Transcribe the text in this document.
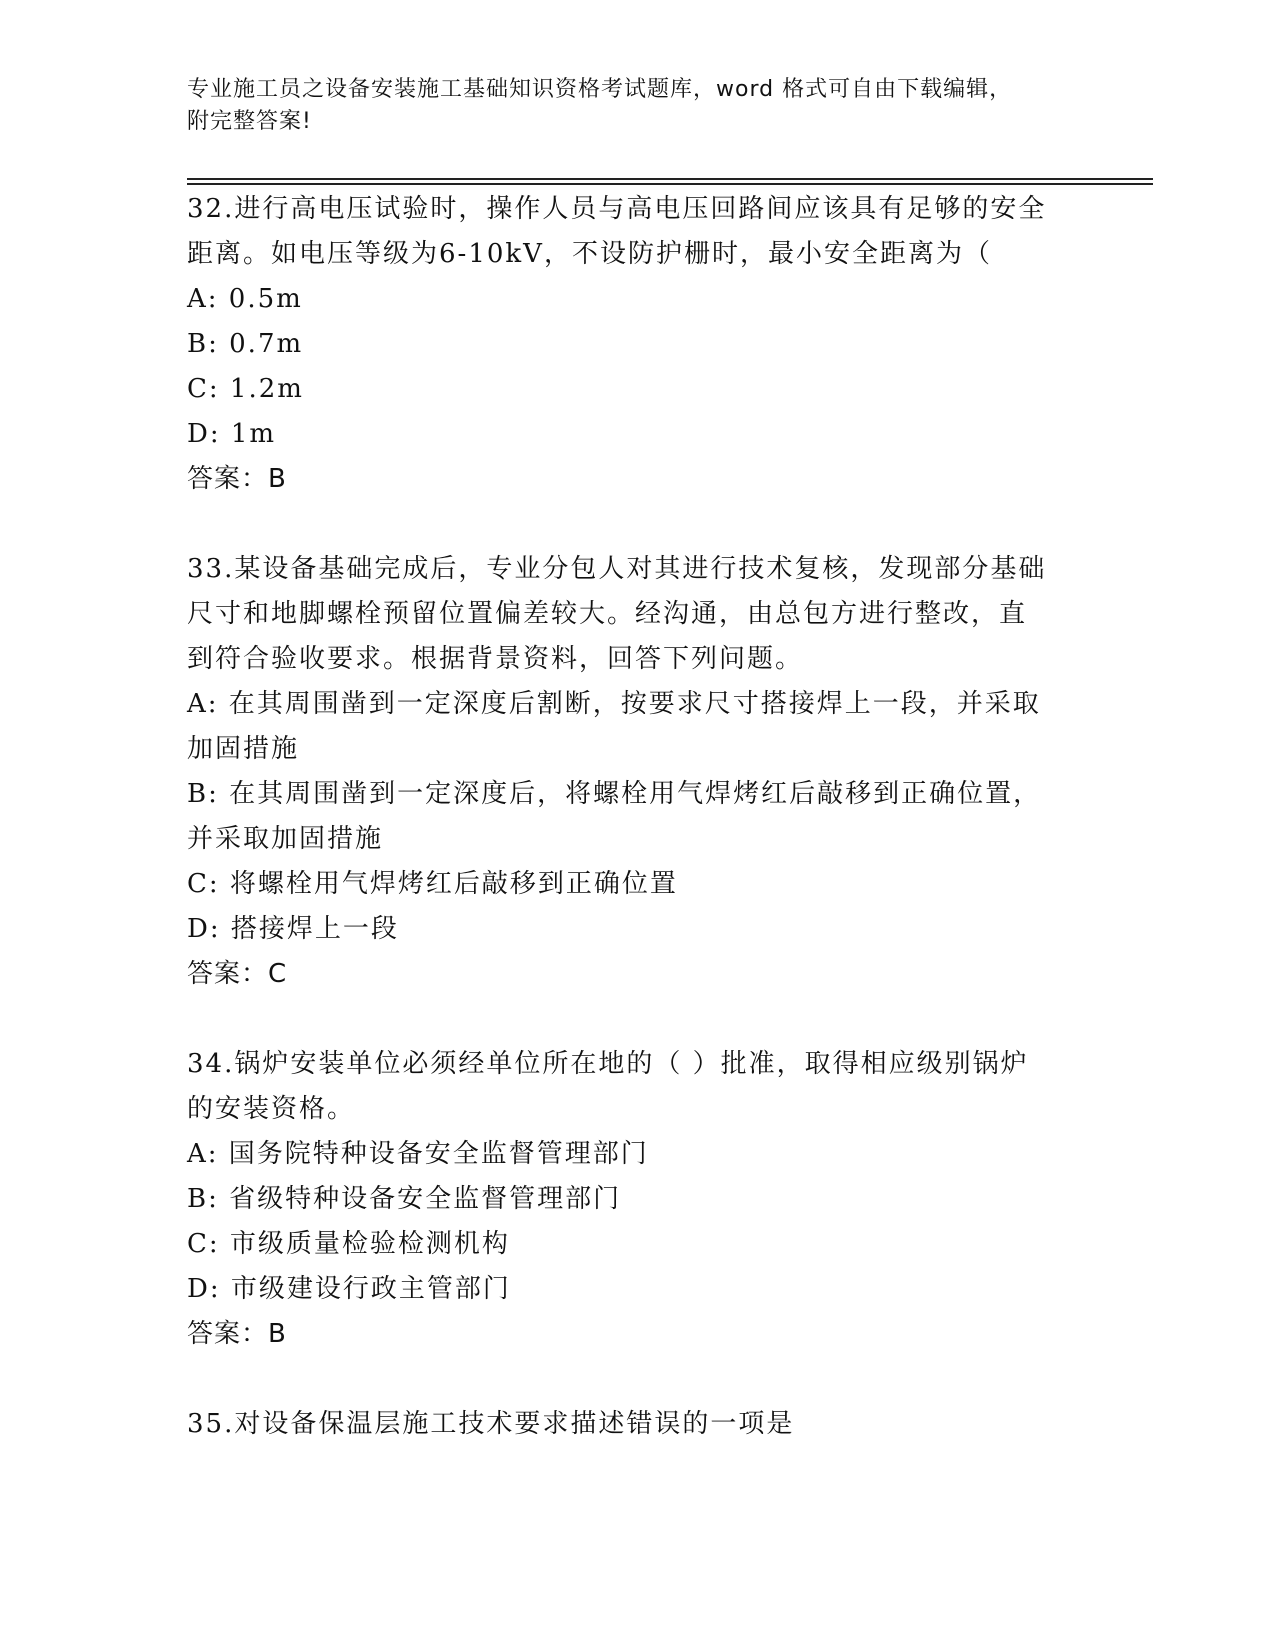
专业施工员之设备安装施工基础知识资格考试题库，word 格式可自由下载编辑，
附完整答案!
32.进行高电压试验时，操作人员与高电压回路间应该具有足够的安全
距离。如电压等级为6-10kV，不设防护栅时，最小安全距离为（
A: 0.5m
B: 0.7m
C: 1.2m
D: 1m
答案：B
33.某设备基础完成后，专业分包人对其进行技术复核，发现部分基础
尺寸和地脚螺栓预留位置偏差较大。经沟通，由总包方进行整改，直
到符合验收要求。根据背景资料，回答下列问题。
A: 在其周围凿到一定深度后割断，按要求尺寸搭接焊上一段，并采取
加固措施
B: 在其周围凿到一定深度后，将螺栓用气焊烤红后敲移到正确位置，
并采取加固措施
C: 将螺栓用气焊烤红后敲移到正确位置
D: 搭接焊上一段
答案：C
34.锅炉安装单位必须经单位所在地的（ ）批准，取得相应级别锅炉
的安装资格。
A: 国务院特种设备安全监督管理部门
B: 省级特种设备安全监督管理部门
C: 市级质量检验检测机构
D: 市级建设行政主管部门
答案：B
35.对设备保温层施工技术要求描述错误的一项是
